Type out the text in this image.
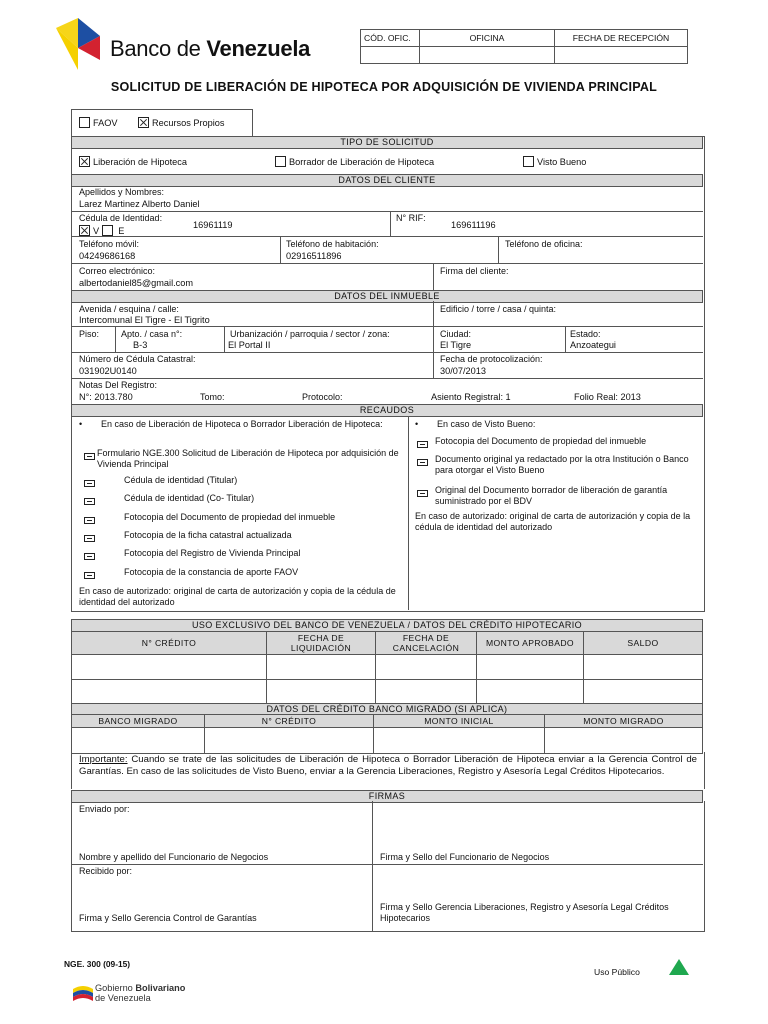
Banco de Venezuela	CÓD. OFIC.	OFICINA	FECHA DE RECEPCIÓN

SOLICITUD DE LIBERACIÓN DE HIPOTECA POR ADQUISICIÓN DE VIVIENDA PRINCIPAL
FAOV	Recursos Propios
TIPO DE SOLICITUD
Liberación de Hipoteca	Borrador de Liberación de Hipoteca	Visto Bueno
DATOS DEL CLIENTE
Apellidos y Nombres:
Larez Martinez Alberto Daniel
Cédula de Identidad:
16961119
V E
N° RIF:
169611196
Teléfono móvil:
04249686168
Teléfono de habitación:
02916511896
Teléfono de oficina:
Correo electrónico:
albertodaniel85@gmail.com
Firma del cliente:
DATOS DEL INMUEBLE
Avenida / esquina / calle:
Intercomunal El Tigre - El Tigrito
Edificio / torre / casa / quinta:
Piso: Apto. / casa n°:
B-3
Urbanización / parroquia / sector / zona:
El Portal II
Ciudad:
El Tigre
Estado:
Anzoategui
Número de Cédula Catastral:
031902U0140
Fecha de protocolización:
30/07/2013
Notas Del Registro:
N°: 2013.780	Tomo:	Protocolo:	Asiento Registral: 1	Folio Real: 2013
RECAUDOS
•	En caso de Liberación de Hipoteca o Borrador Liberación de Hipoteca:
Formulario NGE.300 Solicitud de Liberación de Hipoteca por adquisición de Vivienda Principal
Cédula de identidad (Titular)
Cédula de identidad (Co- Titular)
Fotocopia del Documento de propiedad del inmueble
Fotocopia de la ficha catastral actualizada
Fotocopia del Registro de Vivienda Principal
Fotocopia de la constancia de aporte FAOV
En caso de autorizado: original de carta de autorización y copia de la cédula de identidad del autorizado
•	En caso de Visto Bueno:
Fotocopia del Documento de propiedad del inmueble
Documento original ya redactado por la otra Institución o Banco para otorgar el Visto Bueno
Original del Documento borrador de liberación de garantía suministrado por el BDV
En caso de autorizado: original de carta de autorización y copia de la cédula de identidad del autorizado
USO EXCLUSIVO DEL BANCO DE VENEZUELA / DATOS DEL CRÉDITO HIPOTECARIO
N° CRÉDITO	FECHA DE LIQUIDACIÓN	FECHA DE CANCELACIÓN	MONTO APROBADO	SALDO

DATOS DEL CRÉDITO BANCO MIGRADO (SI APLICA)
BANCO MIGRADO	N° CRÉDITO	MONTO INICIAL	MONTO MIGRADO

Importante: Cuando se trate de las solicitudes de Liberación de Hipoteca o Borrador Liberación de Hipoteca enviar a la Gerencia Control de Garantías. En caso de las solicitudes de Visto Bueno, enviar a la Gerencia Liberaciones, Registro y Asesoría Legal Créditos Hipotecarios.
FIRMAS
Enviado por:
Nombre y apellido del Funcionario de Negocios	Firma y Sello del Funcionario de Negocios
Recibido por:
Firma y Sello Gerencia Control de Garantías
Firma y Sello Gerencia Liberaciones, Registro y Asesoría Legal Créditos Hipotecarios
NGE. 300 (09-15)
Uso Público
Gobierno Bolivariano
de Venezuela
